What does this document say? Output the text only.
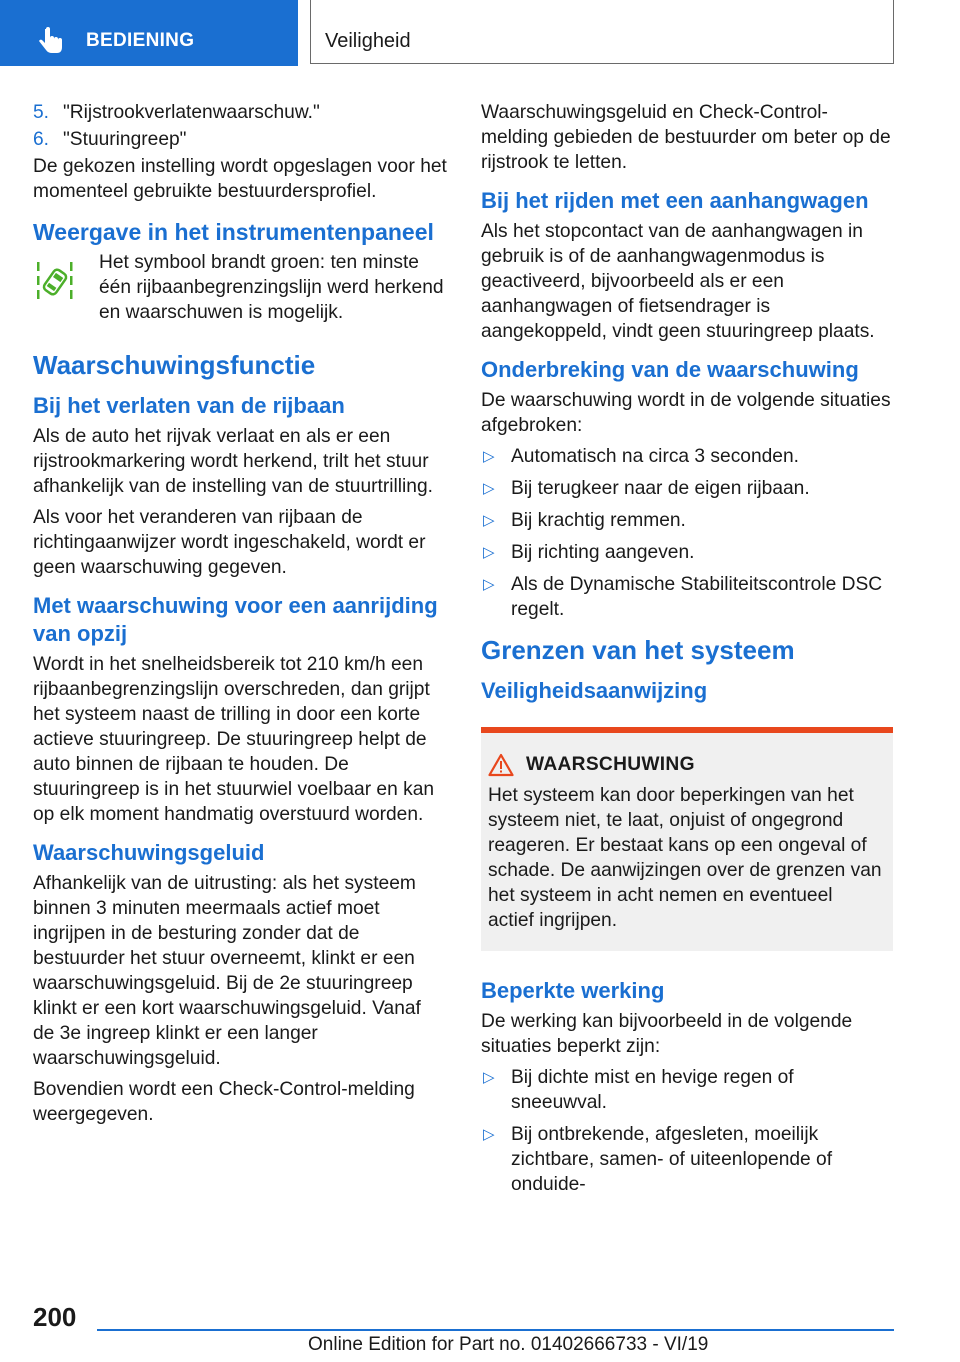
BEDIENING	Veiligheid
5. "Rijstrookverlatenwaarschuw."
6. "Stuuringreep"

De gekozen instelling wordt opgeslagen voor het momenteel gebruikte bestuurdersprofiel.

Weergave in het instrumentenpaneel

Het symbool brandt groen: ten minste één rijbaanbegrenzingslijn werd herkend en waarschuwen is mogelijk.

Waarschuwingsfunctie
Bij het verlaten van de rijbaan

Als de auto het rijvak verlaat en als er een rijstrookmarkering wordt herkend, trilt het stuur afhankelijk van de instelling van de stuurtrilling.

Als voor het veranderen van rijbaan de richtingaanwijzer wordt ingeschakeld, wordt er geen waarschuwing gegeven.

Met waarschuwing voor een aanrijding van opzij

Wordt in het snelheidsbereik tot 210 km/h een rijbaanbegrenzingslijn overschreden, dan grijpt het systeem naast de trilling in door een korte actieve stuuringreep. De stuuringreep helpt de auto binnen de rijbaan te houden. De stuuringreep is in het stuurwiel voelbaar en kan op elk moment handmatig overstuurd worden.

Waarschuwingsgeluid

Afhankelijk van de uitrusting: als het systeem binnen 3 minuten meermaals actief moet ingrijpen in de besturing zonder dat de bestuurder het stuur overneemt, klinkt er een waarschuwingsgeluid. Bij de 2e stuuringreep klinkt er een kort waarschuwingsgeluid. Vanaf de 3e ingreep klinkt er een langer waarschuwingsgeluid.

Bovendien wordt een Check-Control-melding weergegeven.

Waarschuwingsgeluid en Check-Control-melding gebieden de bestuurder om beter op de rijstrook te letten.

Bij het rijden met een aanhangwagen

Als het stopcontact van de aanhangwagen in gebruik is of de aanhangwagenmodus is geactiveerd, bijvoorbeeld als er een aanhangwagen of fietsendrager is aangekoppeld, vindt geen stuuringreep plaats.

Onderbreking van de waarschuwing

De waarschuwing wordt in de volgende situaties afgebroken:

▷ Automatisch na circa 3 seconden.
▷ Bij terugkeer naar de eigen rijbaan.
▷ Bij krachtig remmen.
▷ Bij richting aangeven.
▷ Als de Dynamische Stabiliteitscontrole DSC regelt.
Grenzen van het systeem
Veiligheidsaanwijzing
WAARSCHUWING

Het systeem kan door beperkingen van het systeem niet, te laat, onjuist of ongegrond reageren. Er bestaat kans op een ongeval of schade. De aanwijzingen over de grenzen van het systeem in acht nemen en eventueel actief ingrijpen.

Beperkte werking

De werking kan bijvoorbeeld in de volgende situaties beperkt zijn:

▷ Bij dichte mist en hevige regen of sneeuwval.
▷ Bij ontbrekende, afgesleten, moeilijk zichtbare, samen- of uiteenlopende of onduide-
200
Online Edition for Part no. 01402666733 - VI/19
